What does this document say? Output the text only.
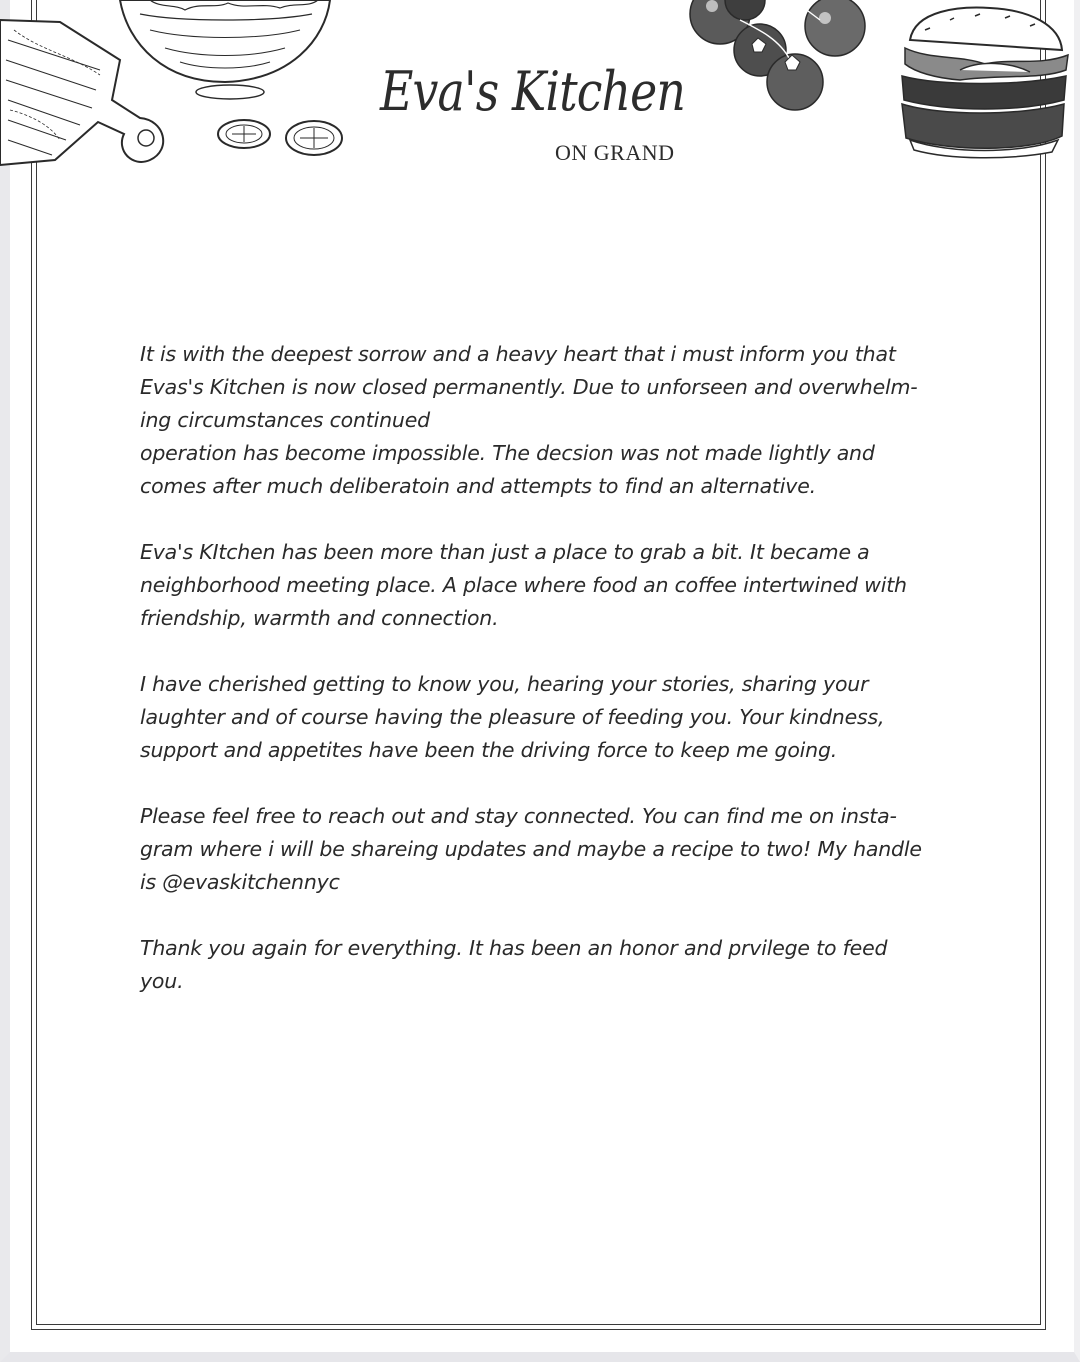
Eva's Kitchen
ON GRAND

It is with the deepest sorrow and a heavy heart that i must inform you that
Evas's Kitchen is now closed permanently. Due to unforseen and overwhelm-
ing circumstances continued
operation has become impossible. The decsion was not made lightly and
comes after much deliberatoin and attempts to find an alternative.

Eva's KItchen has been more than just a place to grab a bit. It became a
neighborhood meeting place. A place where food an coffee intertwined with
friendship, warmth and connection.

I have cherished getting to know you, hearing your stories, sharing your
laughter and of course having the pleasure of feeding you. Your kindness,
support and appetites have been the driving force to keep me going.

Please feel free to reach out and stay connected. You can find me on insta-
gram where i will be shareing updates and maybe a recipe to two! My handle
is @evaskitchennyc

Thank you again for everything. It has been an honor and prvilege to feed
you.
